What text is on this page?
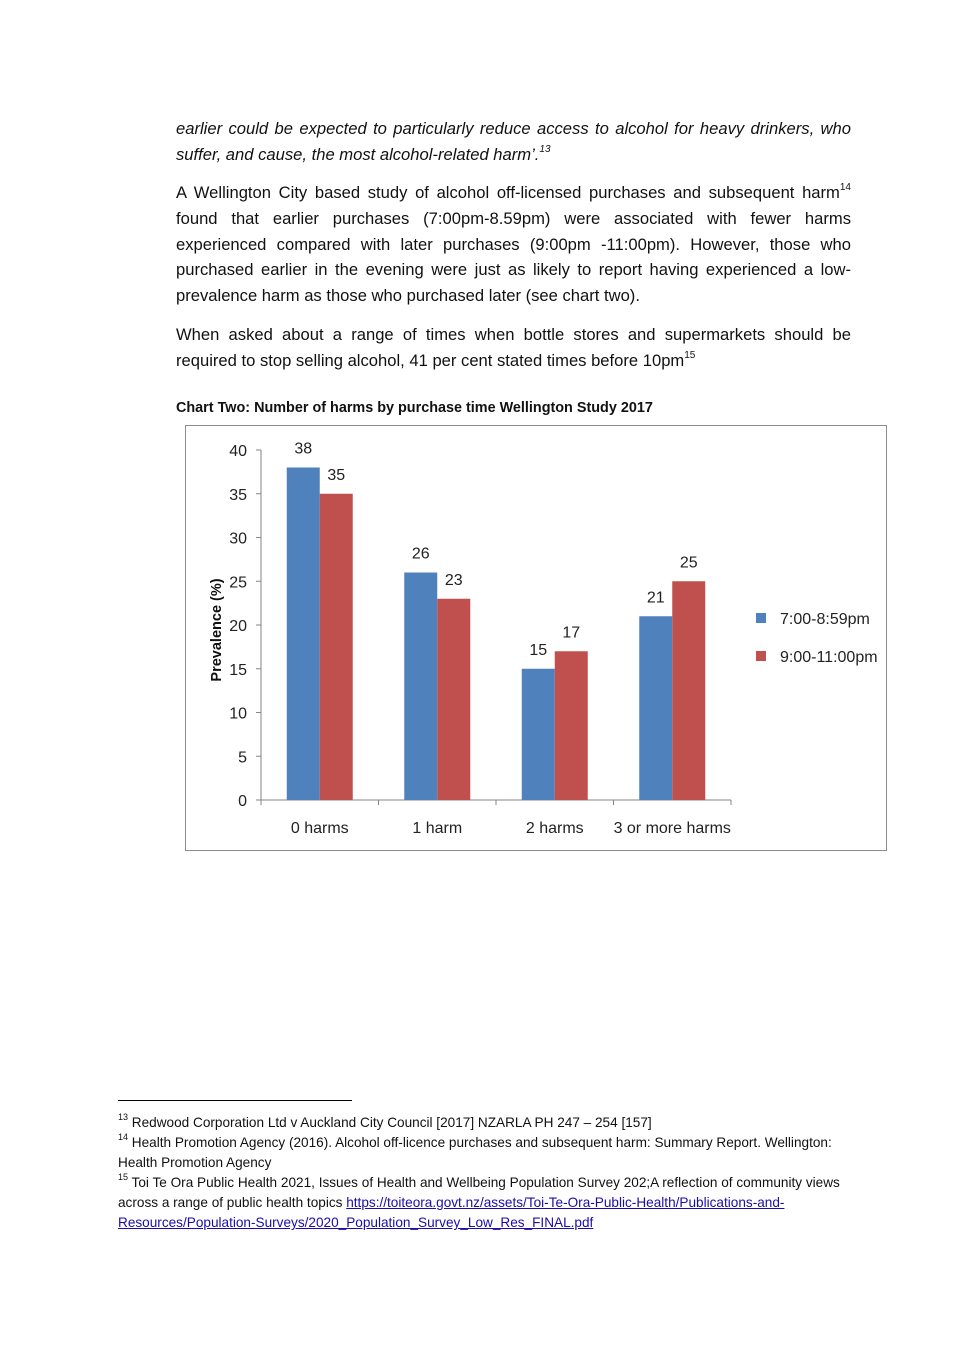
earlier could be expected to particularly reduce access to alcohol for heavy drinkers, who suffer, and cause, the most alcohol-related harm’.$^{13}$

A Wellington City based study of alcohol off-licensed purchases and subsequent harm$^{14}$ found that earlier purchases (7:00pm-8.59pm) were associated with fewer harms experienced compared with later purchases (9:00pm -11:00pm). However, those who purchased earlier in the evening were just as likely to report having experienced a low-prevalence harm as those who purchased later (see chart two).

When asked about a range of times when bottle stores and supermarkets should be required to stop selling alcohol, 41 per cent stated times before $10pm^{15}$

Chart Two: Number of harms by purchase time Wellington Study 2017

0
5
10
15
20
25
30
35
40
Prevalence (%)
0 harms
38
35
1 harm
26
23
2 harms
15
17
3 or more harms
21
25
7:00-8:59pm
9:00-11:00pm

$^{13}$ Redwood Corporation Ltd v Auckland City Council [2017] NZARLA PH 247 – 254 [157]

$^{14}$ Health Promotion Agency (2016). Alcohol off-licence purchases and subsequent harm: Summary Report. Wellington: Health Promotion Agency

$^{15}$ Toi Te Ora Public Health 2021, Issues of Health and Wellbeing Population Survey 202;A reflection of community views across a range of public health topics https://toiteora.govt.nz/assets/Toi-Te-Ora-Public-Health/Publications-and-Resources/Population-Surveys/2020_Population_Survey_Low_Res_FINAL.pdf
